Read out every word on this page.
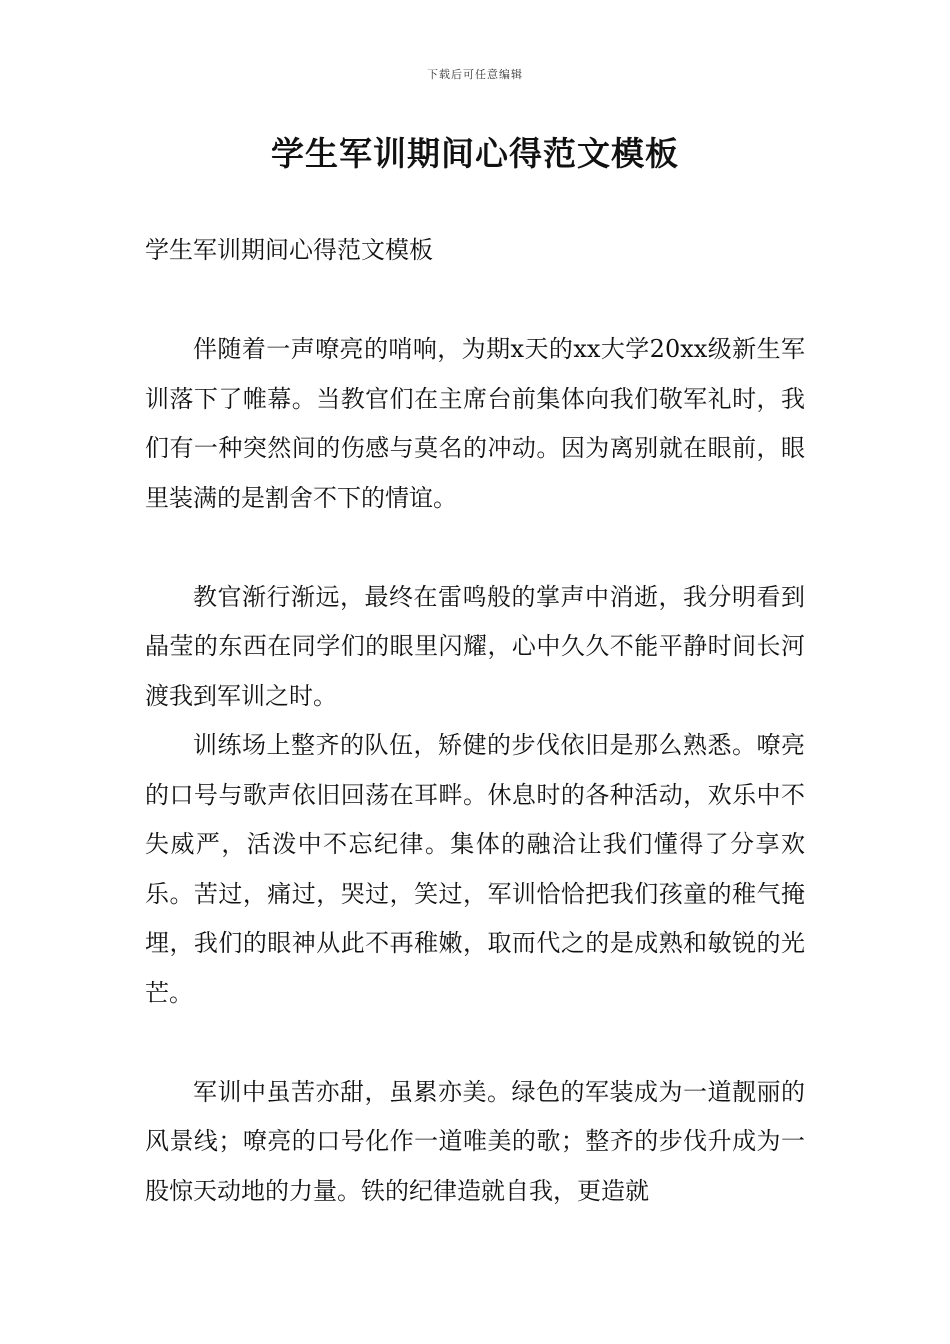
下载后可任意编辑
学生军训期间心得范文模板

学生军训期间心得范文模板

伴随着一声嘹亮的哨响，为期x天的xx大学20xx级新生军训落下了帷幕。当教官们在主席台前集体向我们敬军礼时，我们有一种突然间的伤感与莫名的冲动。因为离别就在眼前，眼里装满的是割舍不下的情谊。

教官渐行渐远，最终在雷鸣般的掌声中消逝，我分明看到晶莹的东西在同学们的眼里闪耀，心中久久不能平静时间长河渡我到军训之时。

训练场上整齐的队伍，矫健的步伐依旧是那么熟悉。嘹亮的口号与歌声依旧回荡在耳畔。休息时的各种活动，欢乐中不失威严，活泼中不忘纪律。集体的融洽让我们懂得了分享欢乐。苦过，痛过，哭过，笑过，军训恰恰把我们孩童的稚气掩埋，我们的眼神从此不再稚嫩，取而代之的是成熟和敏锐的光芒。

军训中虽苦亦甜，虽累亦美。绿色的军装成为一道靓丽的风景线；嘹亮的口号化作一道唯美的歌；整齐的步伐升成为一股惊天动地的力量。铁的纪律造就自我，更造就
